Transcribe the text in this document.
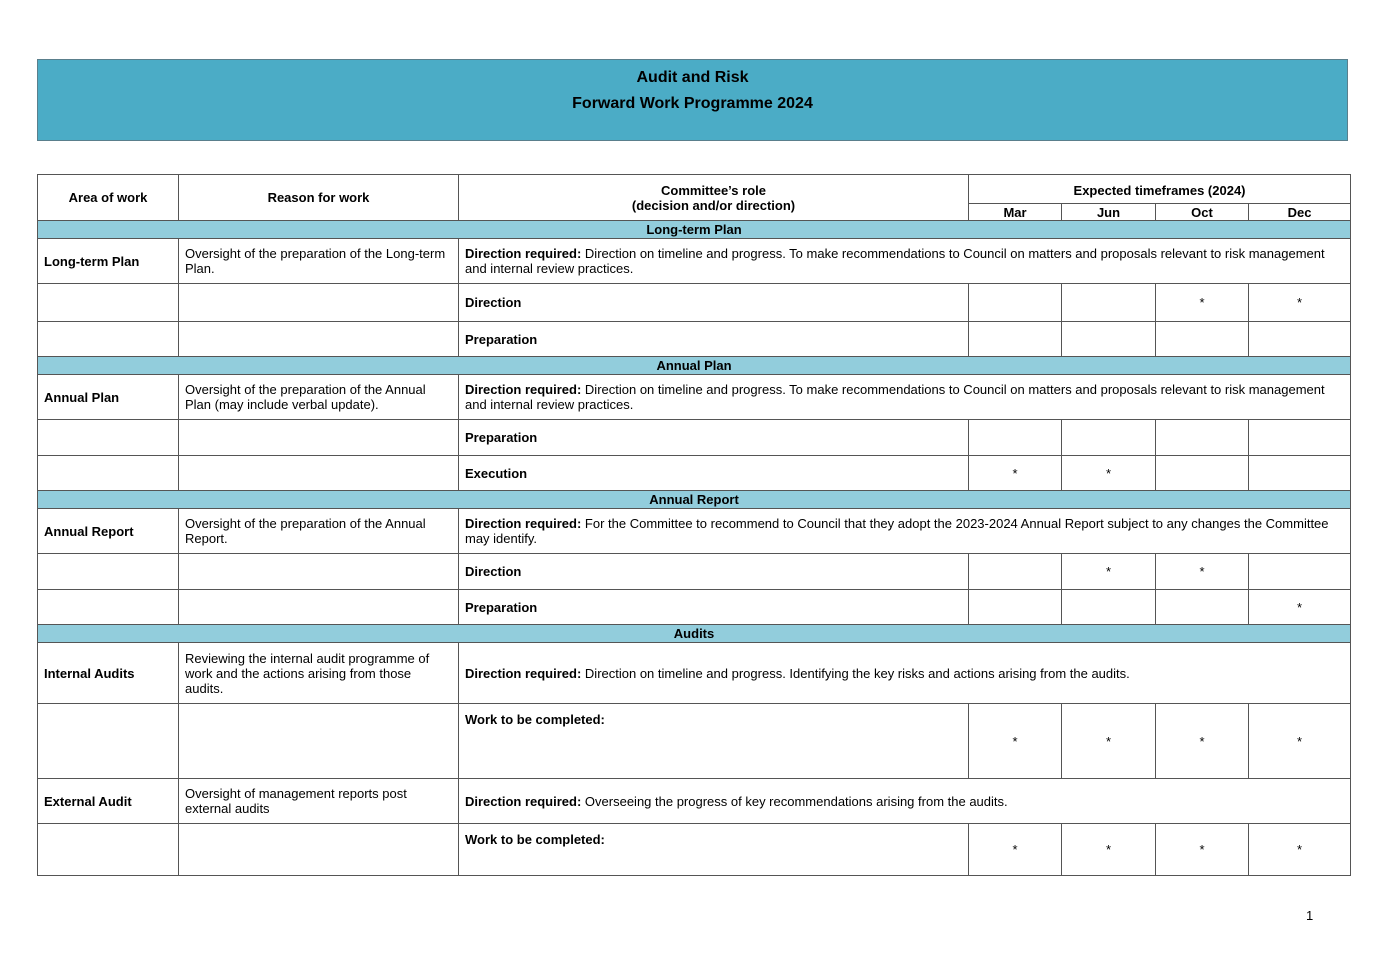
Audit and Risk
Forward Work Programme 2024
Area of work	Reason for work	Committee’s role
(decision and/or direction)	Expected timeframes (2024)			
			Mar	Jun	Oct	Dec
Long-term Plan						
Long-term Plan	Oversight of the preparation of the Long-term Plan.	Direction required: Direction on timeline and progress. To make recommendations to Council on matters and proposals relevant to risk management and internal review practices.				
		Direction			*	*
		Preparation				
Annual Plan						
Annual Plan	Oversight of the preparation of the Annual Plan (may include verbal update).	Direction required: Direction on timeline and progress. To make recommendations to Council on matters and proposals relevant to risk management and internal review practices.				
		Preparation				
		Execution	*	*		
Annual Report						
Annual Report	Oversight of the preparation of the Annual Report.	Direction required: For the Committee to recommend to Council that they adopt the 2023-2024 Annual Report subject to any changes the Committee may identify.				
		Direction		*	*	
		Preparation				*
Audits						
Internal Audits	Reviewing the internal audit programme of work and the actions arising from those audits.	Direction required: Direction on timeline and progress. Identifying the key risks and actions arising from the audits.				
		Work to be completed:	*	*	*	*
External Audit	Oversight of management reports post external audits	Direction required: Overseeing the progress of key recommendations arising from the audits.				
		Work to be completed:	*	*	*	*
1
